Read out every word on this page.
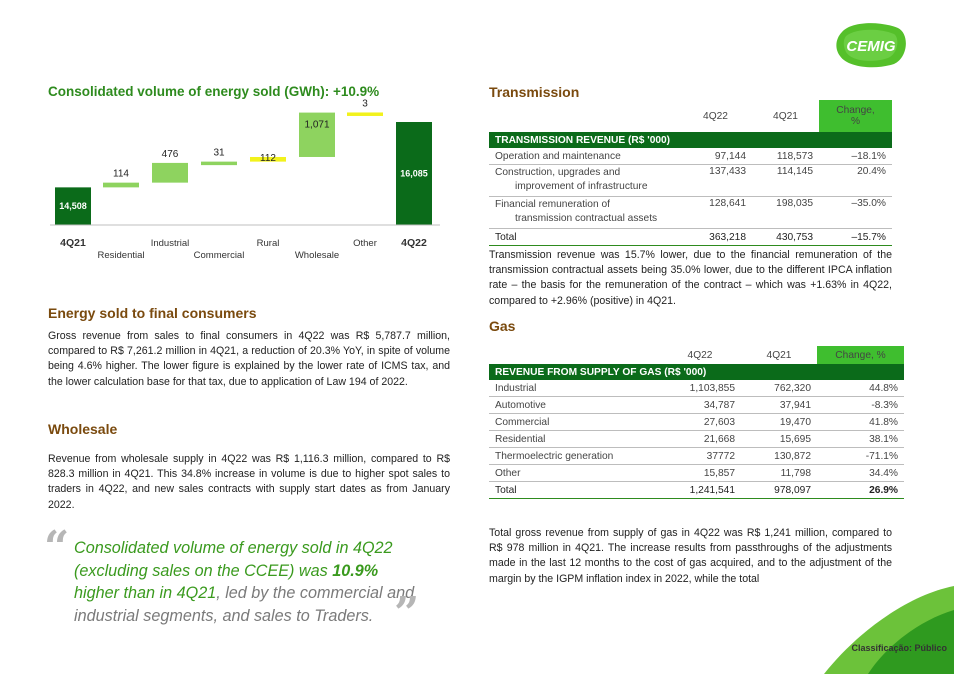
CEMIG
Consolidated volume of energy sold (GWh): +10.9%
14,508
4Q21
114
Residential
476
Industrial
31
Commercial
112
Rural
1,071
Wholesale
3
Other
16,085
4Q22
Energy sold to final consumers
Gross revenue from sales to final consumers in 4Q22 was R$ 5,787.7 million, compared to R$ 7,261.2 million in 4Q21, a reduction of 20.3% YoY, in spite of volume being 4.6% higher. The lower figure is explained by the lower rate of ICMS tax, and the lower calculation base for that tax, due to application of Law 194 of 2022.
Wholesale
Revenue from wholesale supply in 4Q22 was R$ 1,116.3 million, compared to R$ 828.3 million in 4Q21. This 34.8% increase in volume is due to higher spot sales to traders in 4Q22, and new sales contracts with supply start dates as from January 2022.
“ Consolidated volume of energy sold in 4Q22 (excluding sales on the CCEE) was 10.9% higher than in 4Q21, led by the commercial and industrial segments, and sales to Traders. ”
Transmission
	4Q22	4Q21	Change, %
TRANSMISSION REVENUE (R$ '000)			
Operation and maintenance	97,144	118,573	–18.1%
Construction, upgrades and
improvement of infrastructure	137,433	114,145	20.4%
Financial remuneration of
transmission contractual assets	128,641	198,035	–35.0%
Total	363,218	430,753	–15.7%
Transmission revenue was 15.7% lower, due to the financial remuneration of the transmission contractual assets being 35.0% lower, due to the different IPCA inflation rate – the basis for the remuneration of the contract – which was +1.63% in 4Q22, compared to +2.96% (positive) in 4Q21.
Gas
	4Q22	4Q21	Change, %
REVENUE FROM SUPPLY OF GAS (R$ '000)			
Industrial	1,103,855	762,320	44.8%
Automotive	34,787	37,941	-8.3%
Commercial	27,603	19,470	41.8%
Residential	21,668	15,695	38.1%
Thermoelectric generation	37772	130,872	-71.1%
Other	15,857	11,798	34.4%
Total	1,241,541	978,097	26.9%
Total gross revenue from supply of gas in 4Q22 was R$ 1,241 million, compared to R$ 978 million in 4Q21. The increase results from passthroughs of the adjustments made in the last 12 months to the cost of gas acquired, and to the adjustment of the margin by the IGPM inflation index in 2022, while the total
Classificação: Público
